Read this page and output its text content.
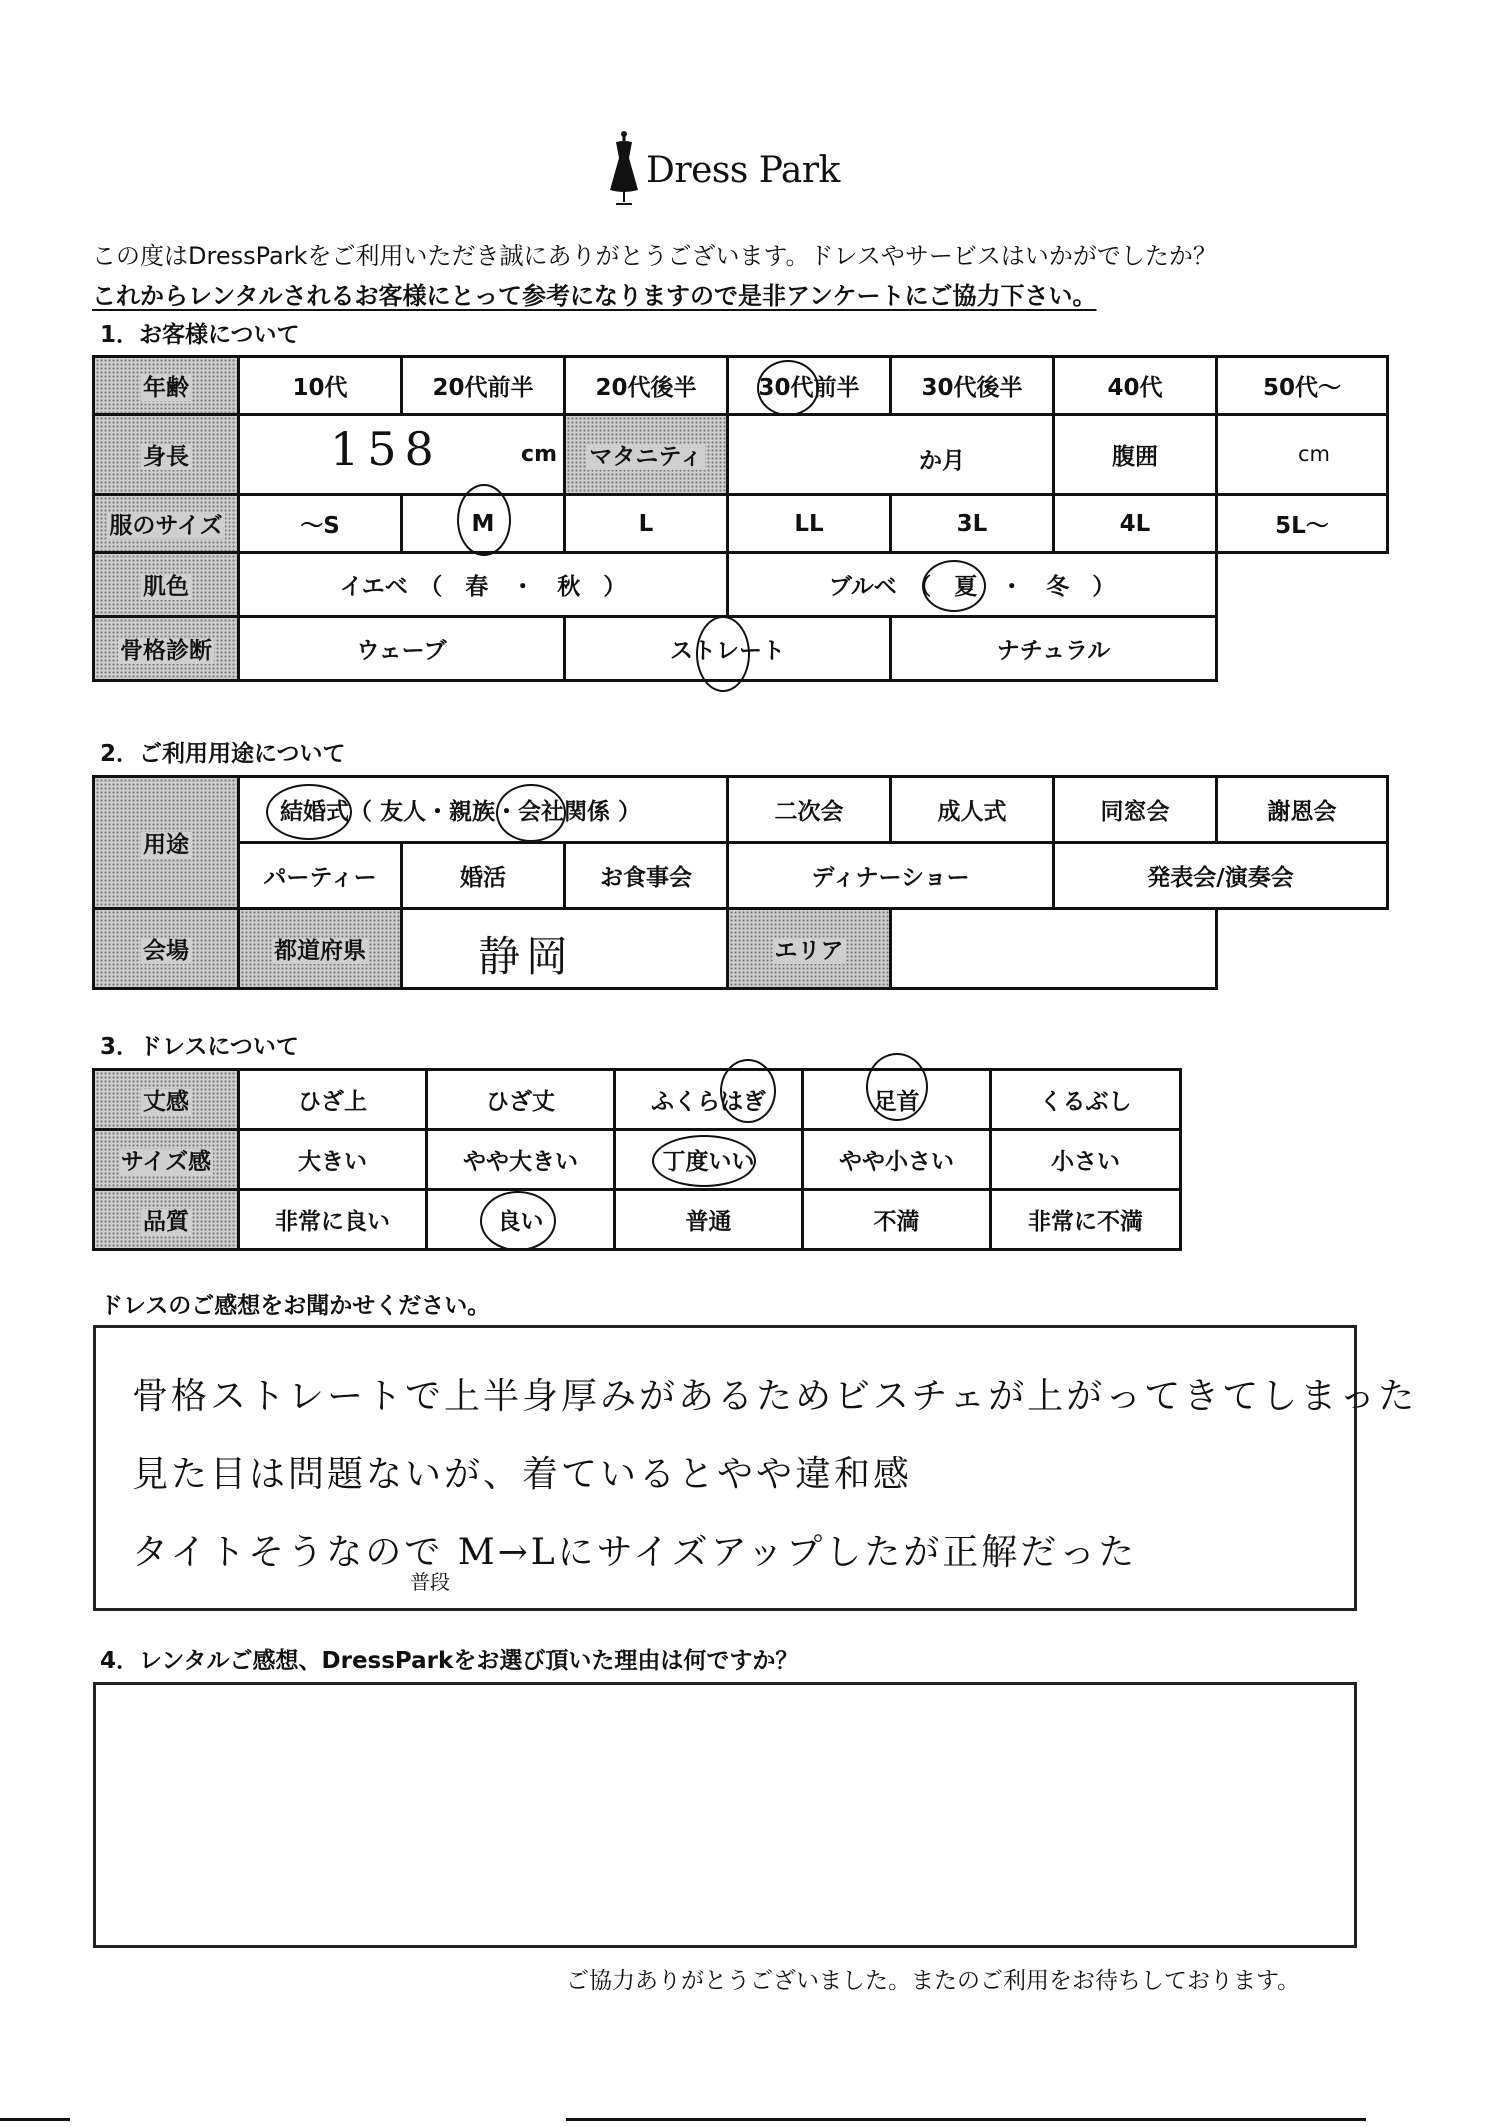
Dress Park
この度はDressParkをご利用いただき誠にありがとうございます。ドレスやサービスはいかがでしたか？
これからレンタルされるお客様にとって参考になりますので是非アンケートにご協力下さい。
1．お客様について
年齢	10代	20代前半	20代後半	30代前半	30代後半	40代	50代～
身長	158 cm		マタニティ	か月		腹囲	cm

服のサイズ	～S	M	L	LL	3L	4L	5L～
肌色	イエベ　（　春　・　秋　）			ブルベ　（　夏　・　冬　）		

骨格診断	ウェーブ		ストレート		ナチュラル		
2．ご利用用途について
用途	結婚式（ 友人・親族・会社関係 ）			二次会	成人式	同窓会	謝恩会
	パーティー	婚活	お食事会	ディナーショー		発表会/演奏会	
会場	都道府県	静岡		エリア			
3．ドレスについて
丈感	ひざ上	ひざ丈	ふくらはぎ	足首	くるぶし
サイズ感	大きい	やや大きい	丁度いい	やや小さい	小さい
品質	非常に良い	良い	普通	不満	非常に不満
ドレスのご感想をお聞かせください。
骨格ストレートで上半身厚みがあるためビスチェが上がってきてしまった
見た目は問題ないが、着ているとやや違和感
タイトそうなので M→Lにサイズアップしたが正解だった
普段
4．レンタルご感想、DressParkをお選び頂いた理由は何ですか？
ご協力ありがとうございました。またのご利用をお待ちしております。
